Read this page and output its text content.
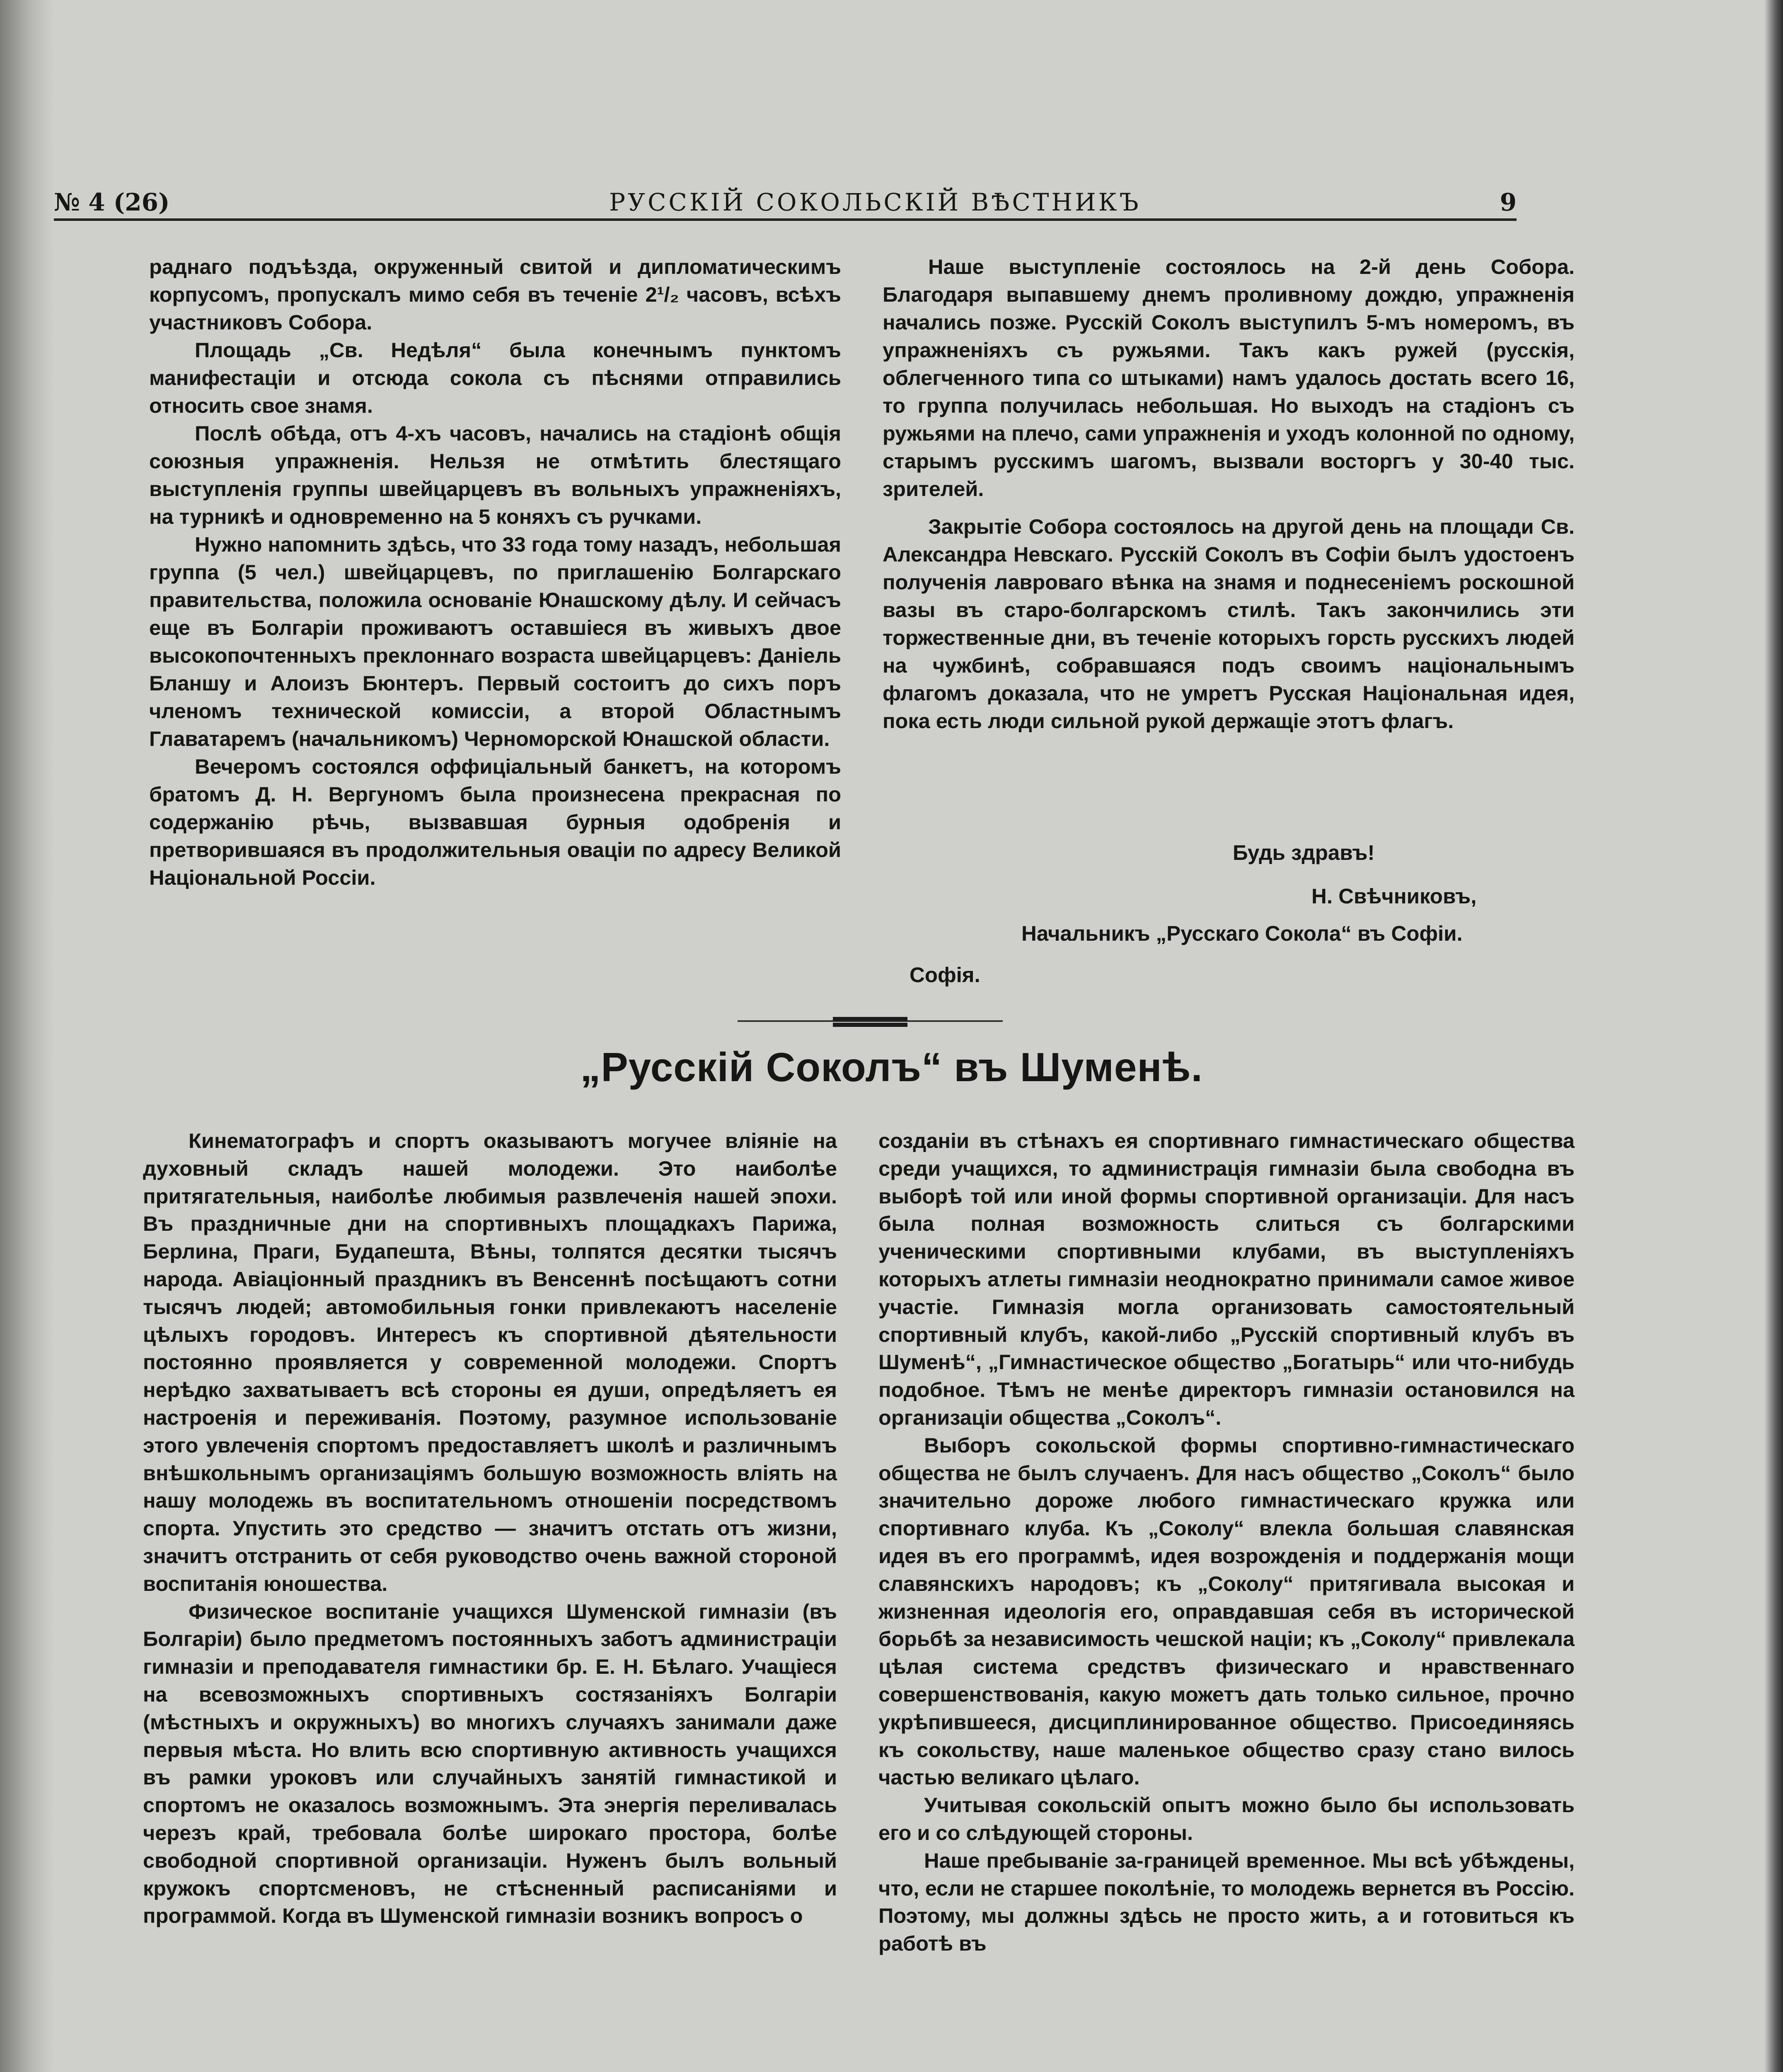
№ 4 (26)	РУССКІЙ СОКОЛЬСКІЙ ВѢСТНИКЪ	9

раднаго подъѣзда, окруженный свитой и дипломатическимъ корпусомъ, пропускалъ мимо себя въ теченіе 2¹/₂ часовъ, всѣхъ участниковъ Собора.

Площадь „Св. Недѣля“ была конечнымъ пунктомъ манифестаціи и отсюда сокола съ пѣснями отправились относить свое знамя.

Послѣ обѣда, отъ 4-хъ часовъ, начались на стадіонѣ общія союзныя упражненія. Нельзя не отмѣтить блестящаго выступленія группы швейцарцевъ въ вольныхъ упражненіяхъ, на турникѣ и одновременно на 5 коняхъ съ ручками.

Нужно напомнить здѣсь, что 33 года тому назадъ, небольшая группа (5 чел.) швейцарцевъ, по приглашенію Болгарскаго правительства, положила основаніе Юнашскому дѣлу. И сейчасъ еще въ Болгаріи проживаютъ оставшіеся въ живыхъ двое высокопочтенныхъ преклоннаго возраста швейцарцевъ: Даніель Бланшу и Алоизъ Бюнтеръ. Первый состоитъ до сихъ поръ членомъ технической комиссіи, а второй Областнымъ Главатаремъ (начальникомъ) Черноморской Юнашской области.

Вечеромъ состоялся оффиціальный банкетъ, на которомъ братомъ Д. Н. Вергуномъ была произнесена прекрасная по содержанію рѣчь, вызвавшая бурныя одобренія и претворившаяся въ продолжительныя оваціи по адресу Великой Національной Россіи.

Наше выступленіе состоялось на 2-й день Собора. Благодаря выпавшему днемъ проливному дождю, упражненія начались позже. Русскій Соколъ выступилъ 5-мъ номеромъ, въ упражненіяхъ съ ружьями. Такъ какъ ружей (русскія, облегченного типа со штыками) намъ удалось достать всего 16, то группа получилась небольшая. Но выходъ на стадіонъ съ ружьями на плечо, сами упражненія и уходъ колонной по одному, старымъ русскимъ шагомъ, вызвали восторгъ у 30-40 тыс. зрителей.

Закрытіе Собора состоялось на другой день на площади Св. Александра Невскаго. Русскій Соколъ въ Софіи былъ удостоенъ полученія лавроваго вѣнка на знамя и поднесеніемъ роскошной вазы въ старо-болгарскомъ стилѣ. Такъ закончились эти торжественные дни, въ теченіе которыхъ горсть русскихъ людей на чужбинѣ, собравшаяся подъ своимъ національнымъ флагомъ доказала, что не умретъ Русская Національная идея, пока есть люди сильной рукой держащіе этотъ флагъ.

Будь здравъ!
Н. Свѣчниковъ,
Начальникъ „Русскаго Сокола“ въ Софіи.
Софія.
„Русскій Соколъ“ въ Шуменѣ.

Кинематографъ и спортъ оказываютъ могучее вліяніе на духовный складъ нашей молодежи. Это наиболѣе притягательныя, наиболѣе любимыя развлеченія нашей эпохи. Въ праздничные дни на спортивныхъ площадкахъ Парижа, Берлина, Праги, Будапешта, Вѣны, толпятся десятки тысячъ народа. Авіаціонный праздникъ въ Венсеннѣ посѣщаютъ сотни тысячъ людей; автомобильныя гонки привлекаютъ населеніе цѣлыхъ городовъ. Интересъ къ спортивной дѣятельности постоянно проявляется у современной молодежи. Спортъ нерѣдко захватываетъ всѣ стороны ея души, опредѣляетъ ея настроенія и переживанія. Поэтому, разумное использованіе этого увлеченія спортомъ предоставляетъ школѣ и различнымъ внѣшкольнымъ организаціямъ большую возможность вліять на нашу молодежь въ воспитательномъ отношеніи посредствомъ спорта. Упустить это средство — значитъ отстать отъ жизни, значитъ отстранить от себя руководство очень важной стороной воспитанія юношества.

Физическое воспитаніе учащихся Шуменской гимназіи (въ Болгаріи) было предметомъ постоянныхъ заботъ администраціи гимназіи и преподавателя гимнастики бр. Е. Н. Бѣлаго. Учащіеся на всевозможныхъ спортивныхъ состязаніяхъ Болгаріи (мѣстныхъ и окружныхъ) во многихъ случаяхъ занимали даже первыя мѣста. Но влить всю спортивную активность учащихся въ рамки уроковъ или случайныхъ занятій гимнастикой и спортомъ не оказалось возможнымъ. Эта энергія переливалась черезъ край, требовала болѣе широкаго простора, болѣе свободной спортивной организаціи. Нуженъ былъ вольный кружокъ спортсменовъ, не стѣсненный расписаніями и программой. Когда въ Шуменской гимназіи возникъ вопросъ о

созданіи въ стѣнахъ ея спортивнаго гимнастическаго общества среди учащихся, то администрація гимназіи была свободна въ выборѣ той или иной формы спортивной организаціи. Для насъ была полная возможность слиться съ болгарскими ученическими спортивными клубами, въ выступленіяхъ которыхъ атлеты гимназіи неоднократно принимали самое живое участіе. Гимназія могла организовать самостоятельный спортивный клубъ, какой-либо „Русскій спортивный клубъ въ Шуменѣ“, „Гимнастическое общество „Богатырь“ или что-нибудь подобное. Тѣмъ не менѣе директоръ гимназіи остановился на организаціи общества „Соколъ“.

Выборъ сокольской формы спортивно-гимнастическаго общества не былъ случаенъ. Для насъ общество „Соколъ“ было значительно дороже любого гимнастическаго кружка или спортивнаго клуба. Къ „Соколу“ влекла большая славянская идея въ его программѣ, идея возрожденія и поддержанія мощи славянскихъ народовъ; къ „Соколу“ притягивала высокая и жизненная идеологія его, оправдавшая себя въ исторической борьбѣ за независимость чешской націи; къ „Соколу“ привлекала цѣлая система средствъ физическаго и нравственнаго совершенствованія, какую можетъ дать только сильное, прочно укрѣпившееся, дисциплинированное общество. Присоединяясь къ сокольству, наше маленькое общество сразу стано вилось частью великаго цѣлаго.

Учитывая сокольскій опытъ можно было бы использовать его и со слѣдующей стороны.

Наше пребываніе за-границей временное. Мы всѣ убѣждены, что, если не старшее поколѣніе, то молодежь вернется въ Россію. Поэтому, мы должны здѣсь не просто жить, а и готовиться къ работѣ въ
